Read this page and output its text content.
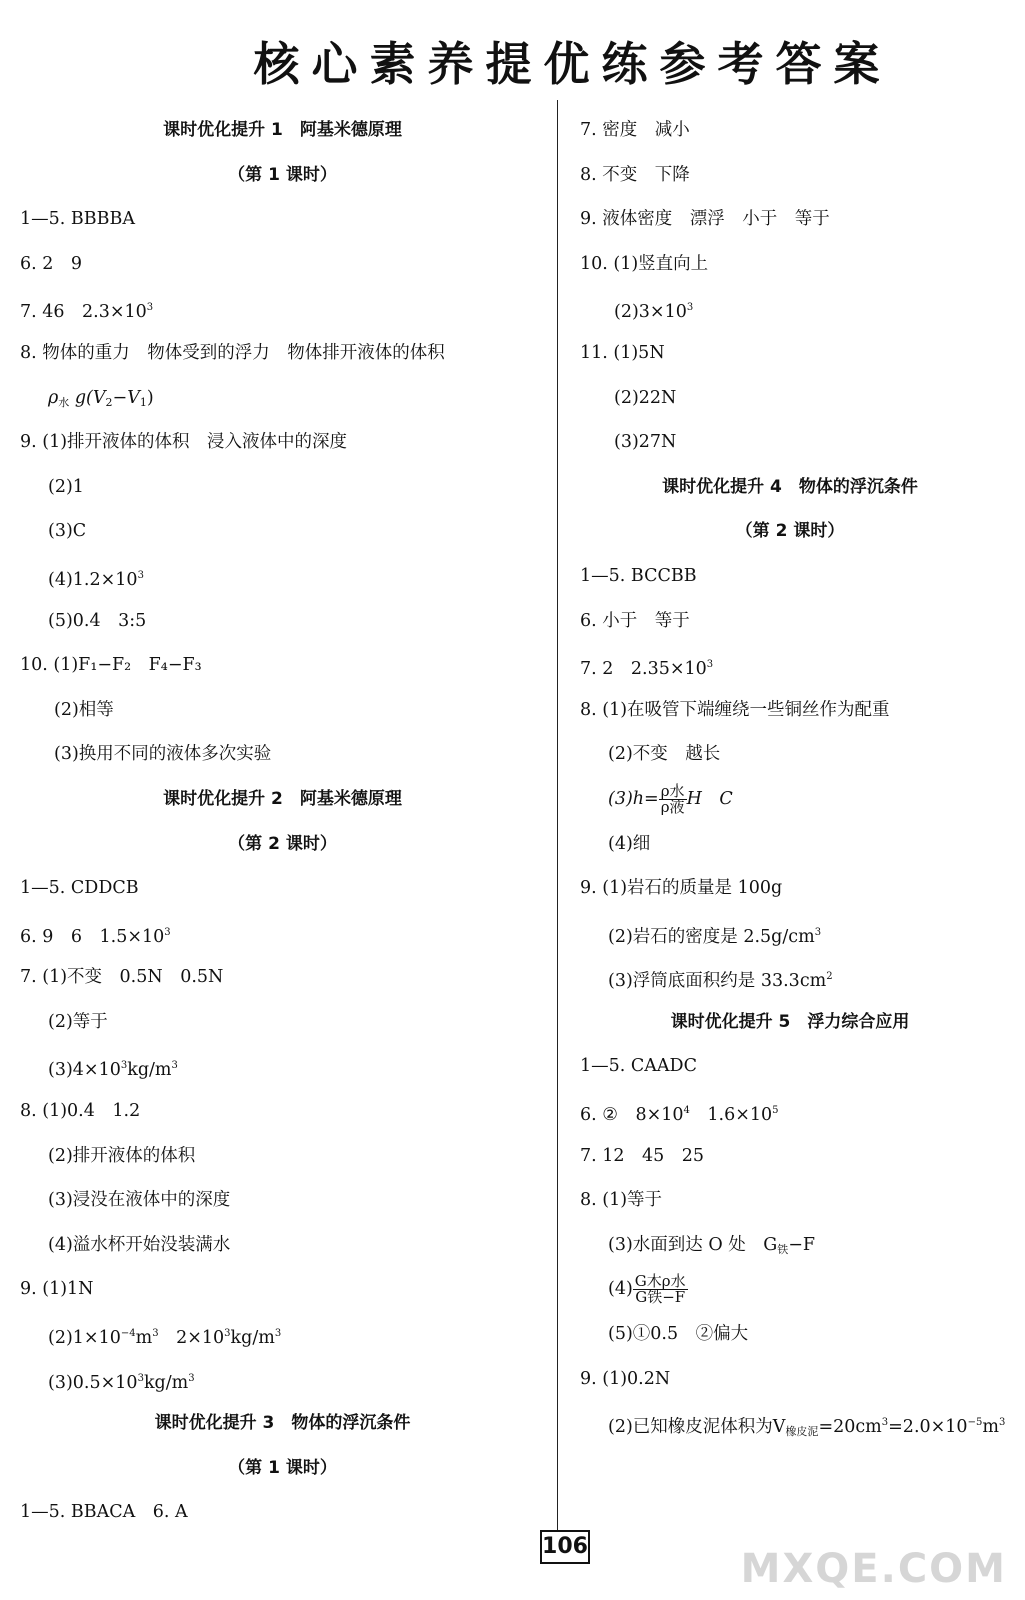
核心素养提优练参考答案
课时优化提升 1　阿基米德原理
（第 1 课时）
1—5. BBBBA
6. 2　9
7. 46　$2.3\times 10^3$
8. 物体的重力　物体受到的浮力　物体排开液体的体积
$\rho_水$ $g(V_2-V_1)$
9. (1)排开液体的体积　浸入液体中的深度
(2)1
(3)C
$(4)1.2\times 10^3$
(5)0.4　3:5
10. (1)F₁−F₂　F₄−F₃
(2)相等
(3)换用不同的液体多次实验
课时优化提升 2　阿基米德原理
（第 2 课时）
1—5. CDDCB
6. 9　6　$1.5\times 10^3$
7. (1)不变　0.5N　0.5N
(2)等于
$(3)4\times 10^3kg/m^3$
8. (1)0.4　1.2
(2)排开液体的体积
(3)浸没在液体中的深度
(4)溢水杯开始没装满水
9. (1)1N
$(2)1\times 10^{-4}m^3$　$2\times 10^3kg/m^3$
$(3)0.5\times 10^3kg/m^3$
课时优化提升 3　物体的浮沉条件
（第 1 课时）
1—5. BBACA　6. A
7. 密度　减小
8. 不变　下降
9. 液体密度　漂浮　小于　等于
10. (1)竖直向上
$(2)3\times 10^3$
11. (1)5N
(2)22N
(3)27N
课时优化提升 4　物体的浮沉条件
（第 2 课时）
1—5. BCCBB
6. 小于　等于
7. 2　$2.35\times 10^3$
8. (1)在吸管下端缠绕一些铜丝作为配重
(2)不变　越长
$(3)h= \frac{\text{ρ水}}{\text{ρ液}}$ H　C
(4)细
9. (1)岩石的质量是 100g
(2)岩石的密度是 $2.5g/cm^3$
(3)浮筒底面积约是 $33.3cm^2$
课时优化提升 5　浮力综合应用
1—5. CAADC
6. ②　$8\times 10^4$　$1.6\times 10^5$
7. 12　45　25
8. (1)等于
(3)水面到达 O 处　$G_铁-F$
$(4) \frac{\text{G木ρ水}}{\text{G铁−F}}$
(5)①0.5　②偏大
9. (1)0.2N
(2)已知橡皮泥体积为$V_{橡皮泥}=20cm^3=2.0\times 10^{-5}m^3$
106	MXQE.COM
